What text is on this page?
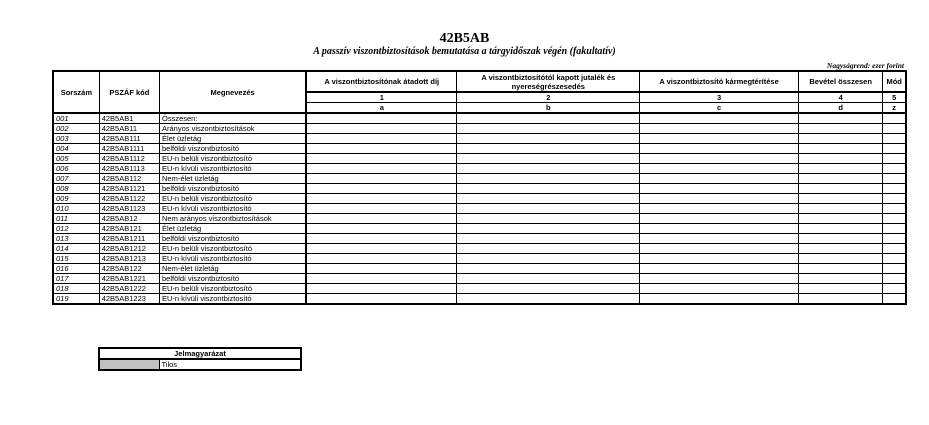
42B5AB
A passzív viszontbiztosítások bemutatása a tárgyidőszak végén (fakultatív)
Nagyságrend: ezer forint
Sorszám	PSZÁF kód	Megnevezés	A viszontbiztosítónak átadott díj	A viszontbiztosítótól kapott jutalék és nyereségrészesedés	A viszontbiztosító kármegtérítése	Bevétel összesen	Mód
			1	2	3	4	5
			a	b	c	d	z
001	42B5AB1	Összesen:					
002	42B5AB11	Arányos viszontbiztosítások					
003	42B5AB111	Élet üzletág					
004	42B5AB1111	belföldi viszontbiztosító					
005	42B5AB1112	EU-n belüli viszontbiztosító					
006	42B5AB1113	EU-n kívüli viszontbiztosító					
007	42B5AB112	Nem-élet üzletág					
008	42B5AB1121	belföldi viszontbiztosító					
009	42B5AB1122	EU-n belüli viszontbiztosító					
010	42B5AB1123	EU-n kívüli viszontbiztosító					
011	42B5AB12	Nem arányos viszontbiztosítások					
012	42B5AB121	Élet üzletág					
013	42B5AB1211	belföldi viszontbiztosító					
014	42B5AB1212	EU-n belüli viszontbiztosító					
015	42B5AB1213	EU-n kívüli viszontbiztosító					
016	42B5AB122	Nem-élet üzletág					
017	42B5AB1221	belföldi viszontbiztosító					
018	42B5AB1222	EU-n belüli viszontbiztosító					
019	42B5AB1223	EU-n kívüli viszontbiztosító					
Jelmagyarázat
	Tilos
